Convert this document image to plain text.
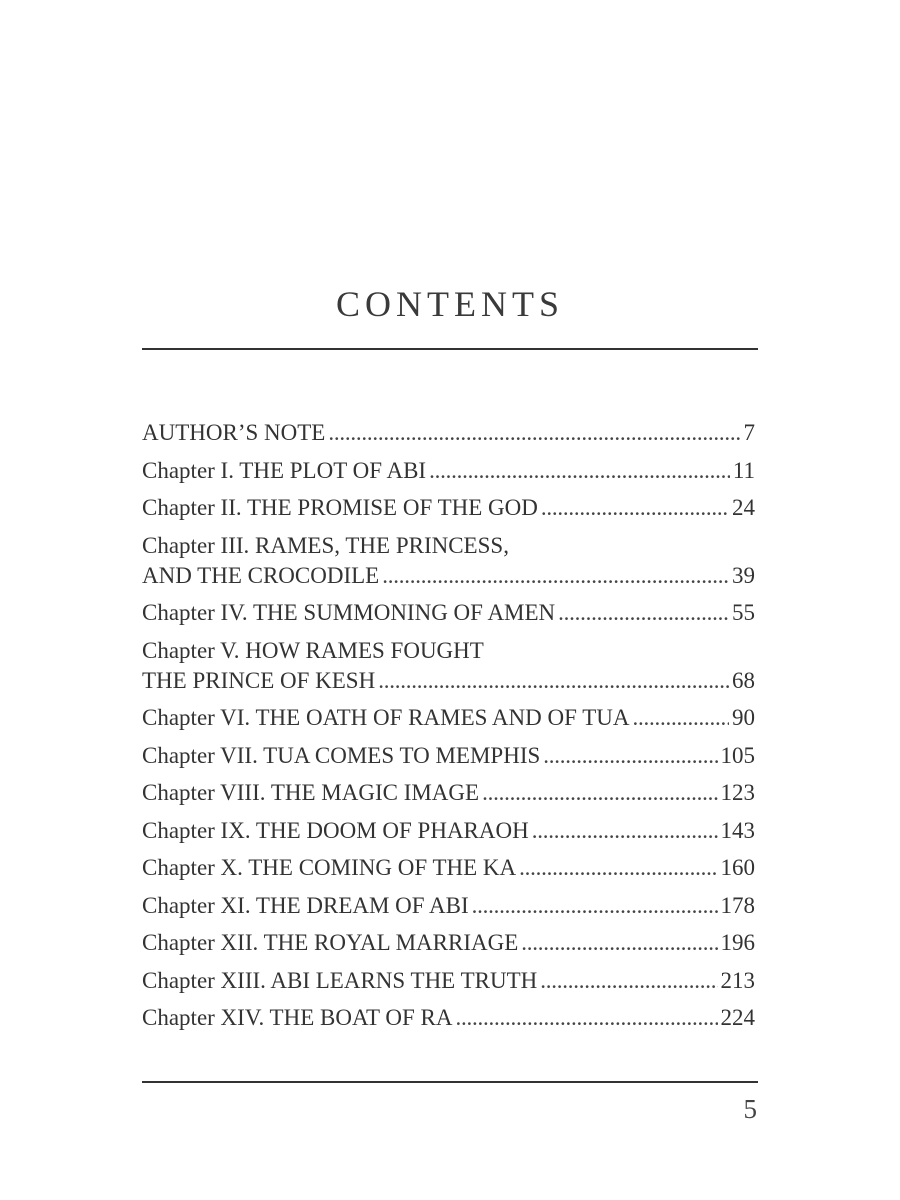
CONTENTS
AUTHOR’S NOTE . . .	7
Chapter I. THE PLOT OF ABI . . .	11
Chapter II. THE PROMISE OF THE GOD . . .	24
Chapter III. RAMES, THE PRINCESS,
AND THE CROCODILE . . .	39
Chapter IV. THE SUMMONING OF AMEN . . .	55
Chapter V. HOW RAMES FOUGHT
THE PRINCE OF KESH . . .	68
Chapter VI. THE OATH OF RAMES AND OF TUA . . .	90
Chapter VII. TUA COMES TO MEMPHIS . . .	105
Chapter VIII. THE MAGIC IMAGE . . .	123
Chapter IX. THE DOOM OF PHARAOH . . .	143
Chapter X. THE COMING OF THE KA . . .	160
Chapter XI. THE DREAM OF ABI . . .	178
Chapter XII. THE ROYAL MARRIAGE . . .	196
Chapter XIII. ABI LEARNS THE TRUTH . . .	213
Chapter XIV. THE BOAT OF RA . . .	224
5
